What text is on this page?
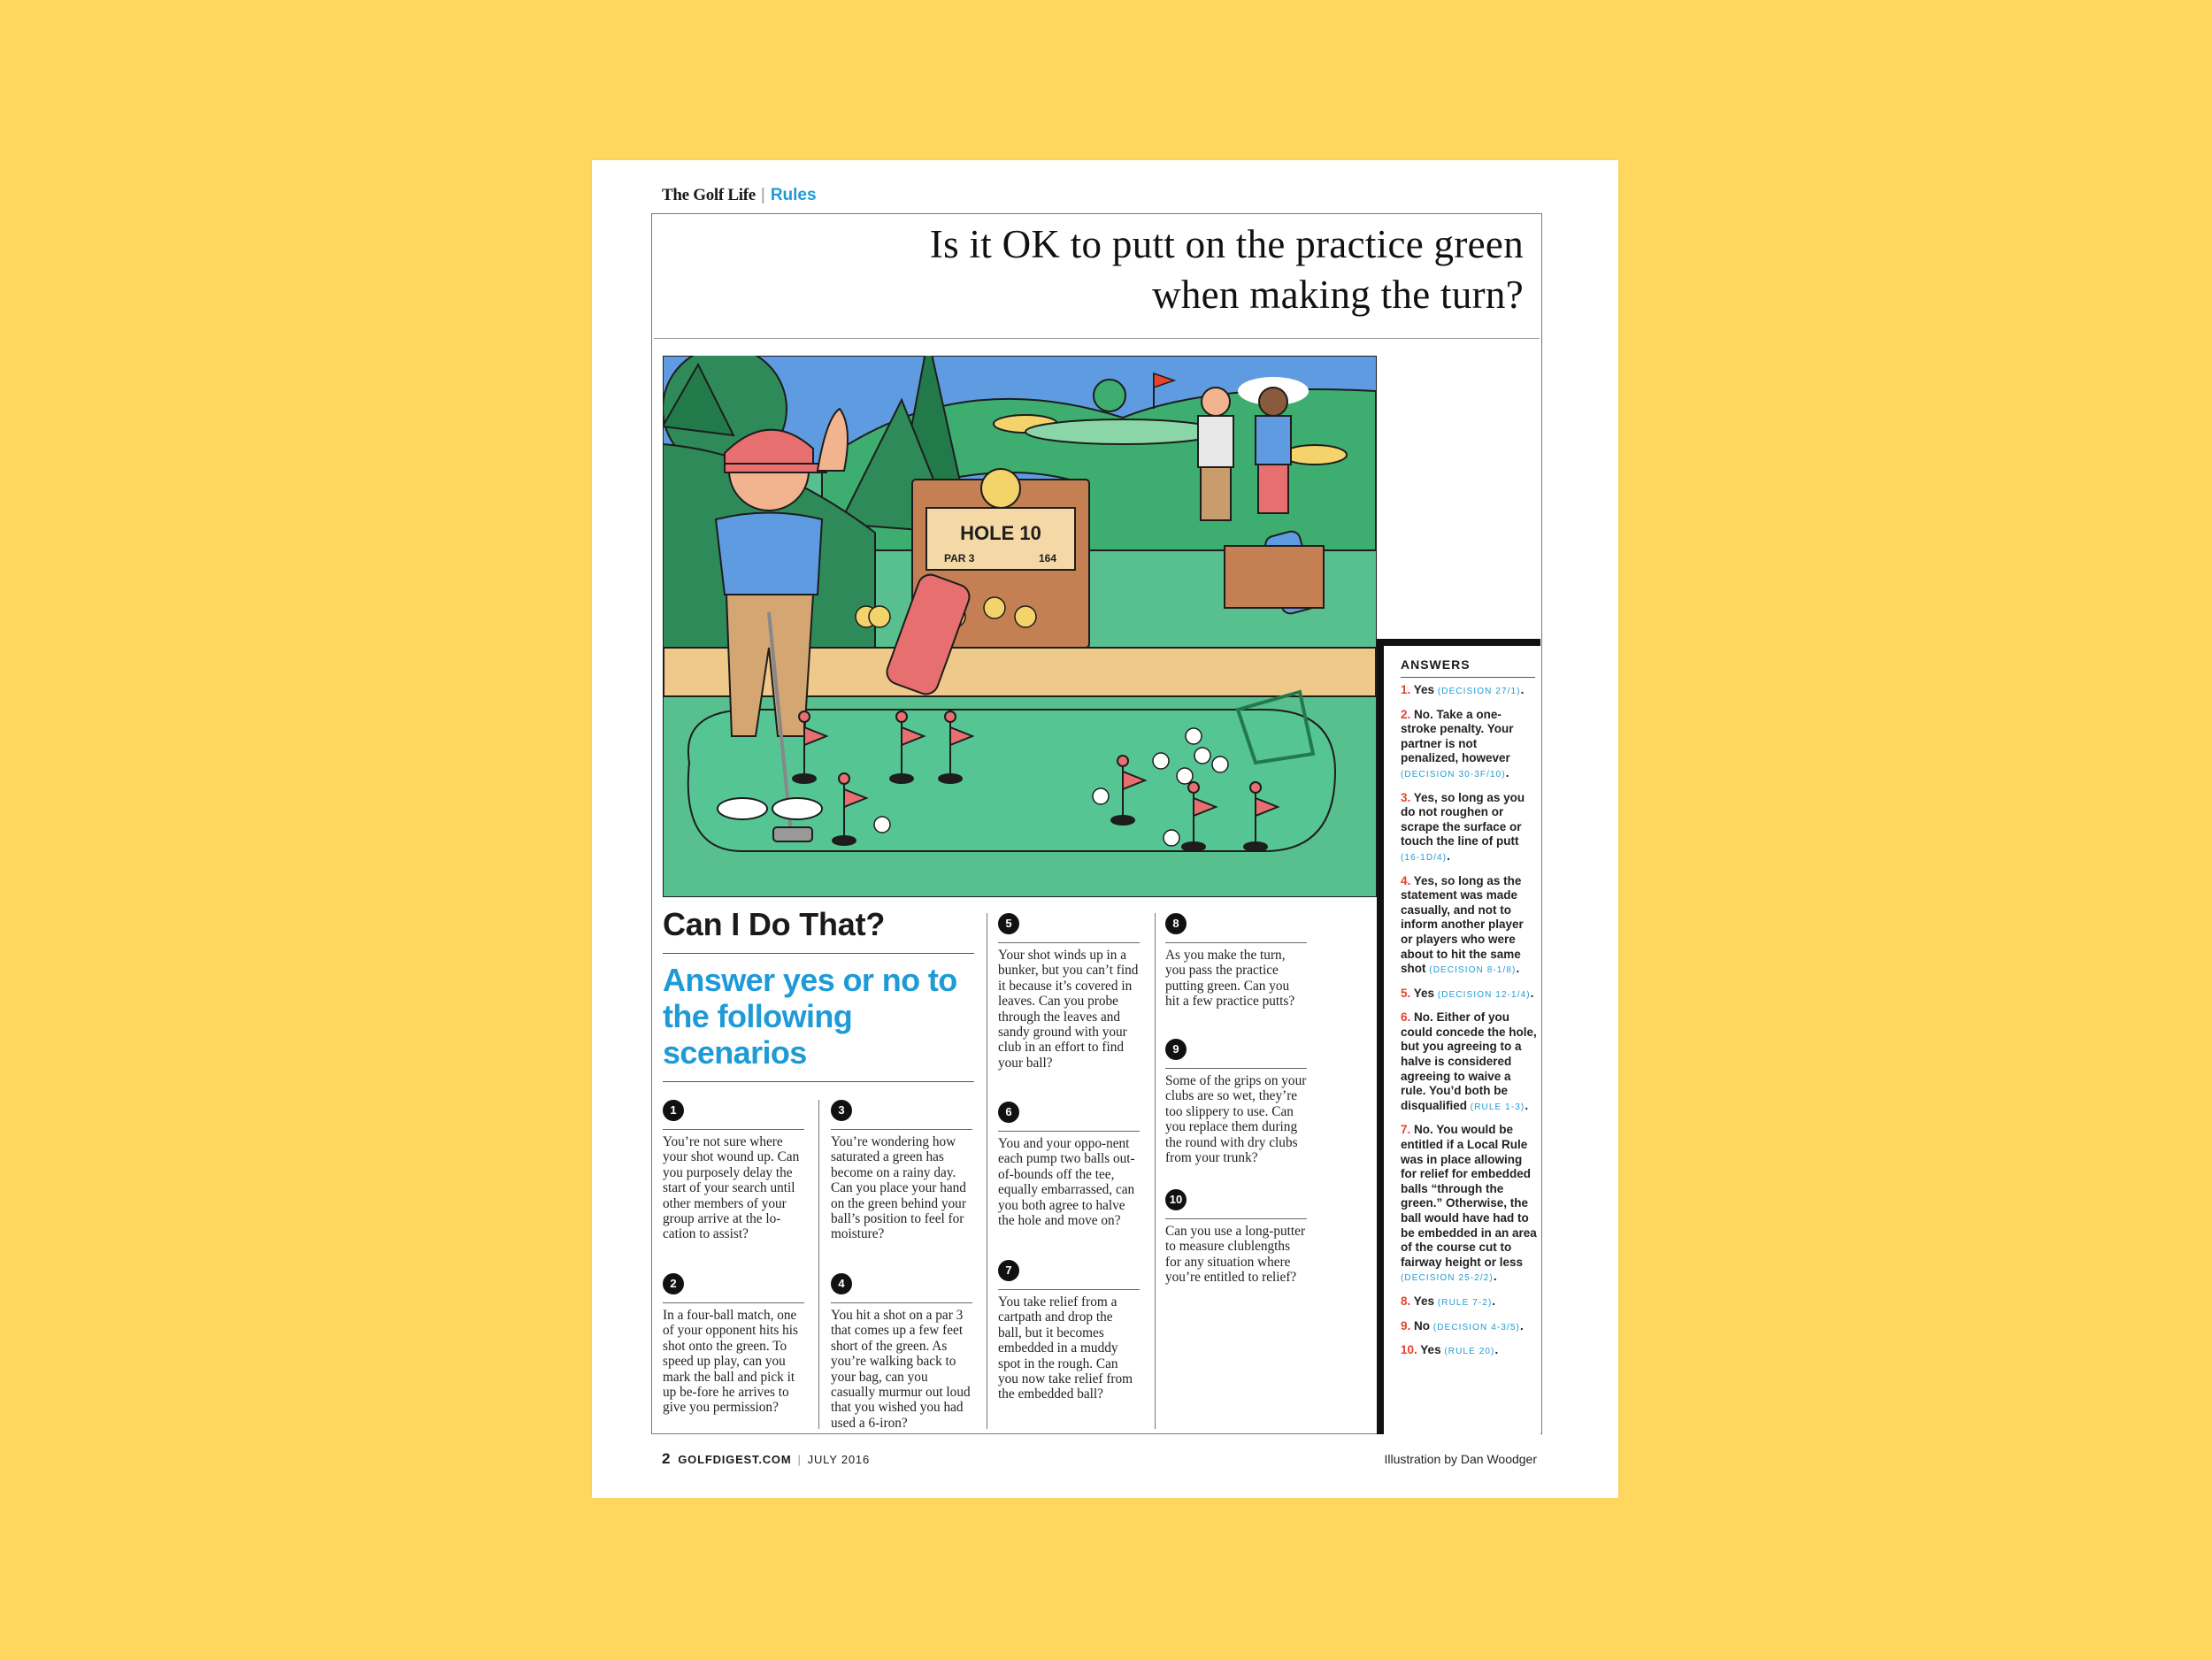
The Golf Life | Rules
Is it OK to putt on the practice green when making the turn?
HOLE 10
PAR 3	164
Can I Do That?
Answer yes or no to the following scenarios
1

You’re not sure where your shot wound up. Can you purposely delay the start of your search until other members of your group arrive at the lo-cation to assist?

2

In a four-ball match, one of your opponent hits his shot onto the green. To speed up play, can you mark the ball and pick it up be-fore he arrives to give you permission?

3

You’re wondering how saturated a green has become on a rainy day. Can you place your hand on the green behind your ball’s position to feel for moisture?

4

You hit a shot on a par 3 that comes up a few feet short of the green. As you’re walking back to your bag, can you casually murmur out loud that you wished you had used a 6-iron?

5

Your shot winds up in a bunker, but you can’t find it because it’s covered in leaves. Can you probe through the leaves and sandy ground with your club in an effort to find your ball?

6

You and your oppo-nent each pump two balls out-of-bounds off the tee, equally embarrassed, can you both agree to halve the hole and move on?

7

You take relief from a cartpath and drop the ball, but it becomes embedded in a muddy spot in the rough. Can you now take relief from the embedded ball?

8

As you make the turn, you pass the practice putting green. Can you hit a few practice putts?

9

Some of the grips on your clubs are so wet, they’re too slippery to use. Can you replace them during the round with dry clubs from your trunk?

10

Can you use a long-putter to measure clublengths for any situation where you’re entitled to relief?

ANSWERS
1. Yes (DECISION 27/1).
2. No. Take a one-stroke penalty. Your partner is not penalized, however (DECISION 30-3F/10).
3. Yes, so long as you do not roughen or scrape the surface or touch the line of putt (16-1D/4).
4. Yes, so long as the statement was made casually, and not to inform another player or players who were about to hit the same shot (DECISION 8-1/8).
5. Yes (DECISION 12-1/4).
6. No. Either of you could concede the hole, but you agreeing to a halve is considered agreeing to waive a rule. You’d both be disqualified (RULE 1-3).
7. No. You would be entitled if a Local Rule was in place allowing for relief for embedded balls “through the green.” Otherwise, the ball would have had to be embedded in an area of the course cut to fairway height or less (DECISION 25-2/2).
8. Yes (RULE 7-2).
9. No (DECISION 4-3/5).
10. Yes (RULE 20).
2 GOLFDIGEST.COM | JULY 2016	Illustration by Dan Woodger
